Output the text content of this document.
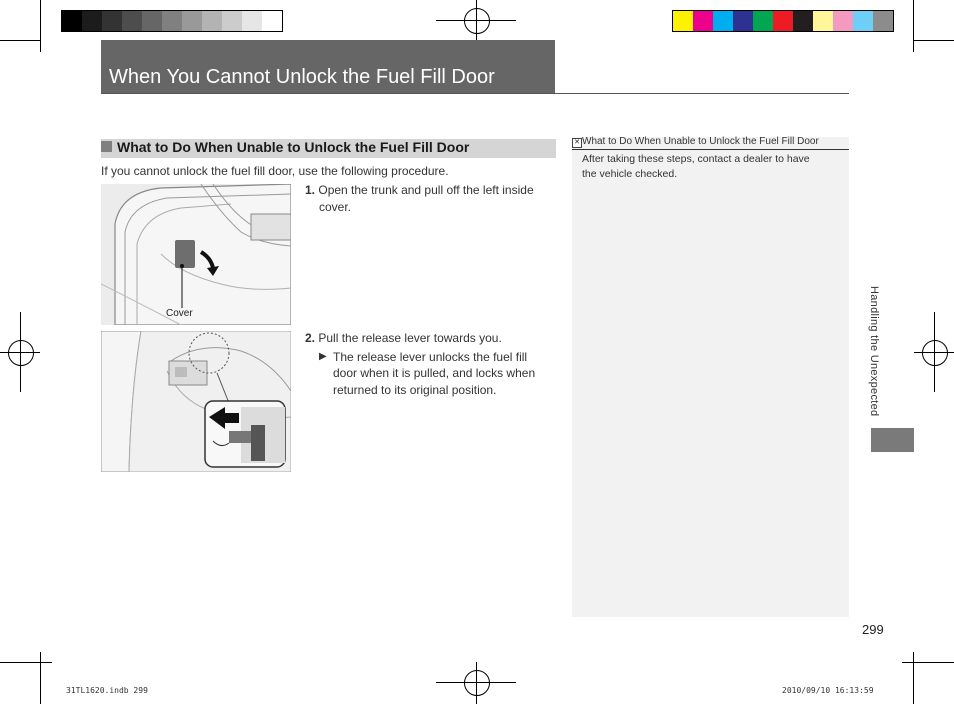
When You Cannot Unlock the Fuel Fill Door
What to Do When Unable to Unlock the Fuel Fill Door
If you cannot unlock the fuel fill door, use the following procedure.
Cover
1. Open the trunk and pull off the left inside
cover.
2. Pull the release lever towards you.
▶ The release lever unlocks the fuel fill
door when it is pulled, and locks when
returned to its original position.
✕ What to Do When Unable to Unlock the Fuel Fill Door
After taking these steps, contact a dealer to have
the vehicle checked.
Handling the Unexpected
299
31TL1620.indb 299	2010/09/10 16:13:59
